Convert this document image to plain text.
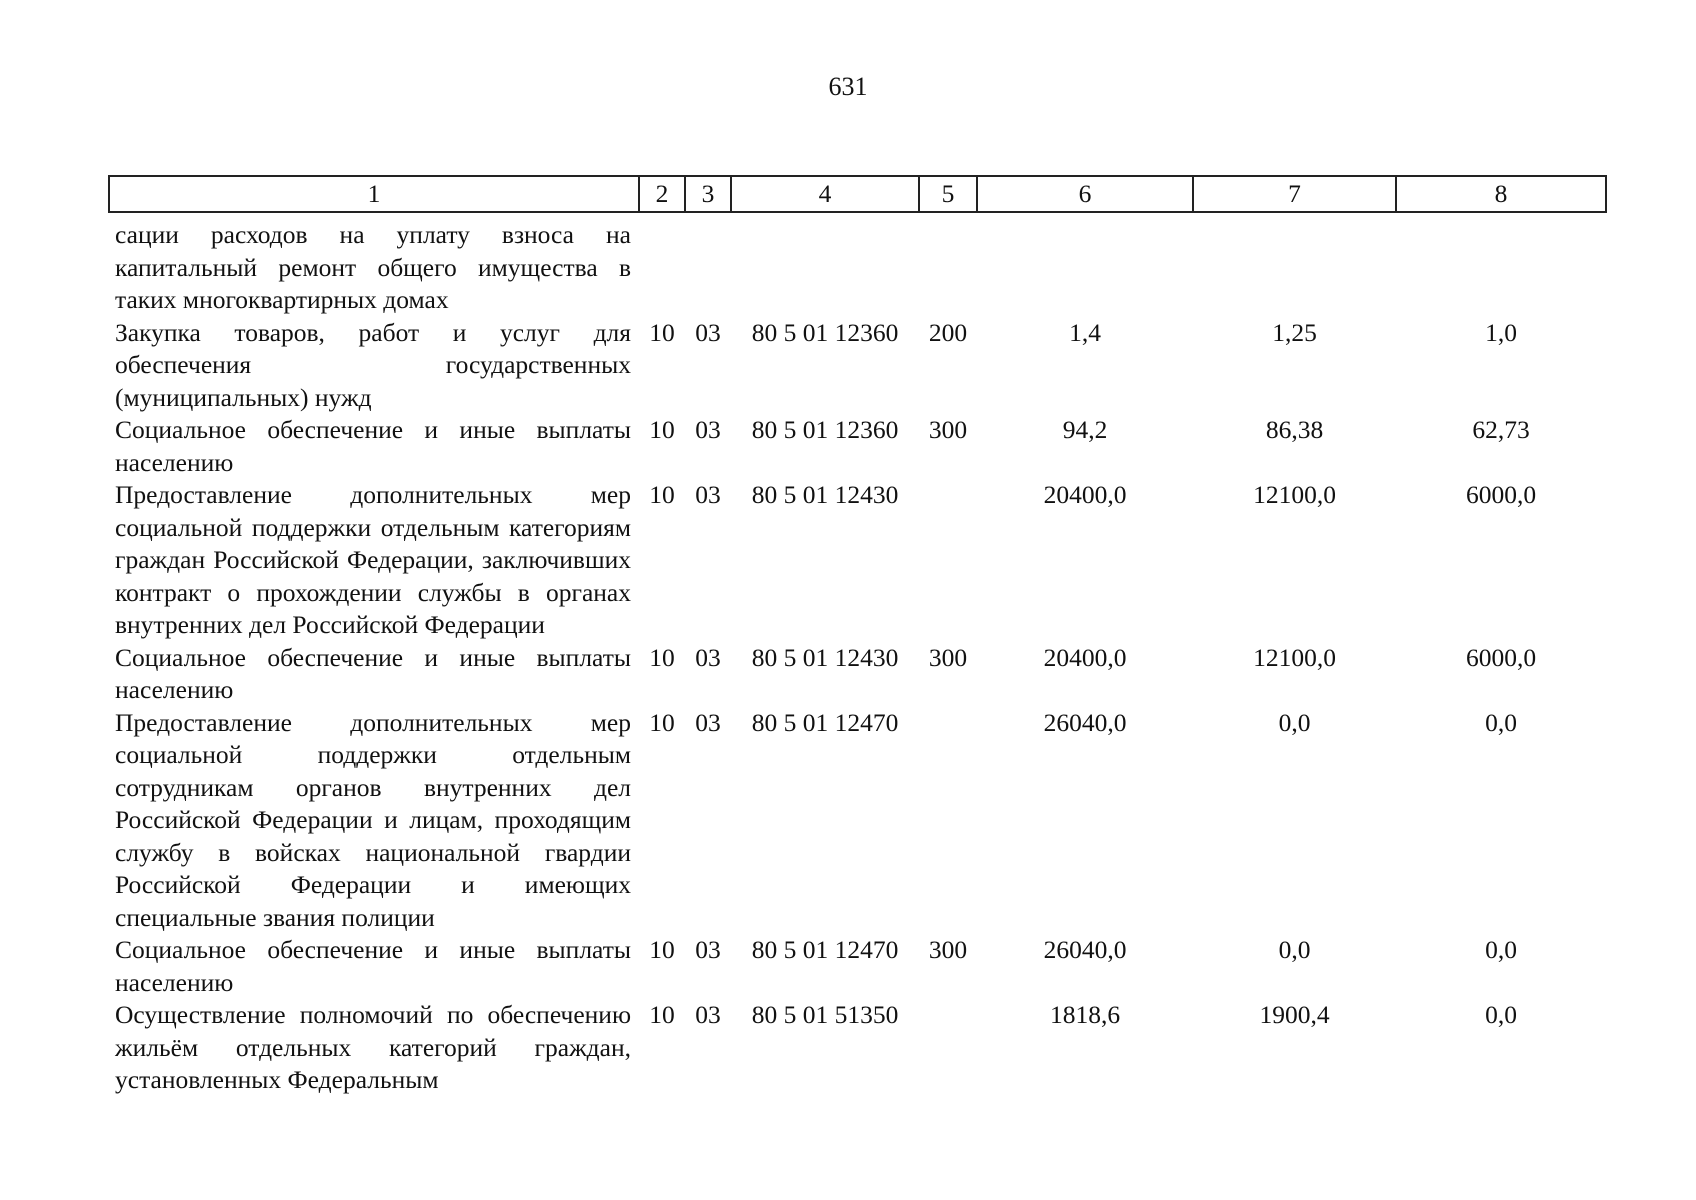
631
1	2	3	4	5	6	7	8

сации расходов на уплату взноса на капитальный ремонт общего имущества в таких многоквартирных домах							
Закупка товаров, работ и услуг для обеспечения государственных (муниципальных) нужд	10	03	80 5 01 12360	200	1,4	1,25	1,0
Социальное обеспечение и иные выплаты населению	10	03	80 5 01 12360	300	94,2	86,38	62,73
Предоставление дополнительных мер социальной поддержки отдельным категориям граждан Российской Федерации, заключивших контракт о прохождении службы в органах внутренних дел Российской Федерации	10	03	80 5 01 12430		20400,0	12100,0	6000,0
Социальное обеспечение и иные выплаты населению	10	03	80 5 01 12430	300	20400,0	12100,0	6000,0
Предоставление дополнительных мер социальной поддержки отдельным сотрудникам органов внутренних дел Российской Федерации и лицам, проходящим службу в войсках национальной гвардии Российской Федерации и имеющих специальные звания полиции	10	03	80 5 01 12470		26040,0	0,0	0,0
Социальное обеспечение и иные выплаты населению	10	03	80 5 01 12470	300	26040,0	0,0	0,0
Осуществление полномочий по обеспечению жильём отдельных категорий граждан, установленных Федеральным	10	03	80 5 01 51350		1818,6	1900,4	0,0
